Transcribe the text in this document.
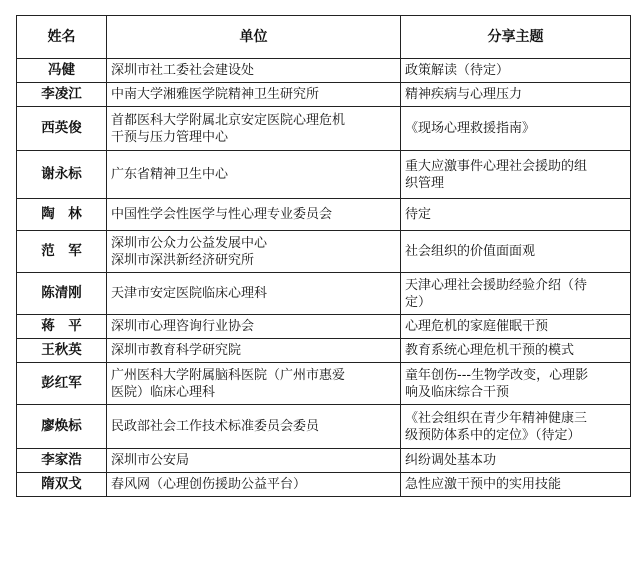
姓名	单位	分享主题
冯健	深圳市社工委社会建设处	政策解读（待定）

李凌江	中南大学湘雅医学院精神卫生研究所	精神疾病与心理压力

西英俊	首都医科大学附属北京安定医院心理危机
干预与压力管理中心	《现场心理救援指南》

谢永标	广东省精神卫生中心	重大应激事件心理社会援助的组
织管理

陶　林	中国性学会性医学与性心理专业委员会	待定

范　军	深圳市公众力公益发展中心
深圳市深洪新经济研究所	社会组织的价值面面观

陈清刚	天津市安定医院临床心理科	天津心理社会援助经验介绍（待
定）

蒋　平	深圳市心理咨询行业协会	心理危机的家庭催眠干预

王秋英	深圳市教育科学研究院	教育系统心理危机干预的模式

彭红军	广州医科大学附属脑科医院（广州市惠爱
医院）临床心理科	童年创伤---生物学改变，心理影
响及临床综合干预

廖焕标	民政部社会工作技术标准委员会委员	《社会组织在青少年精神健康三
级预防体系中的定位》（待定）

李家浩	深圳市公安局	纠纷调处基本功

隋双戈	春风网（心理创伤援助公益平台）	急性应激干预中的实用技能
